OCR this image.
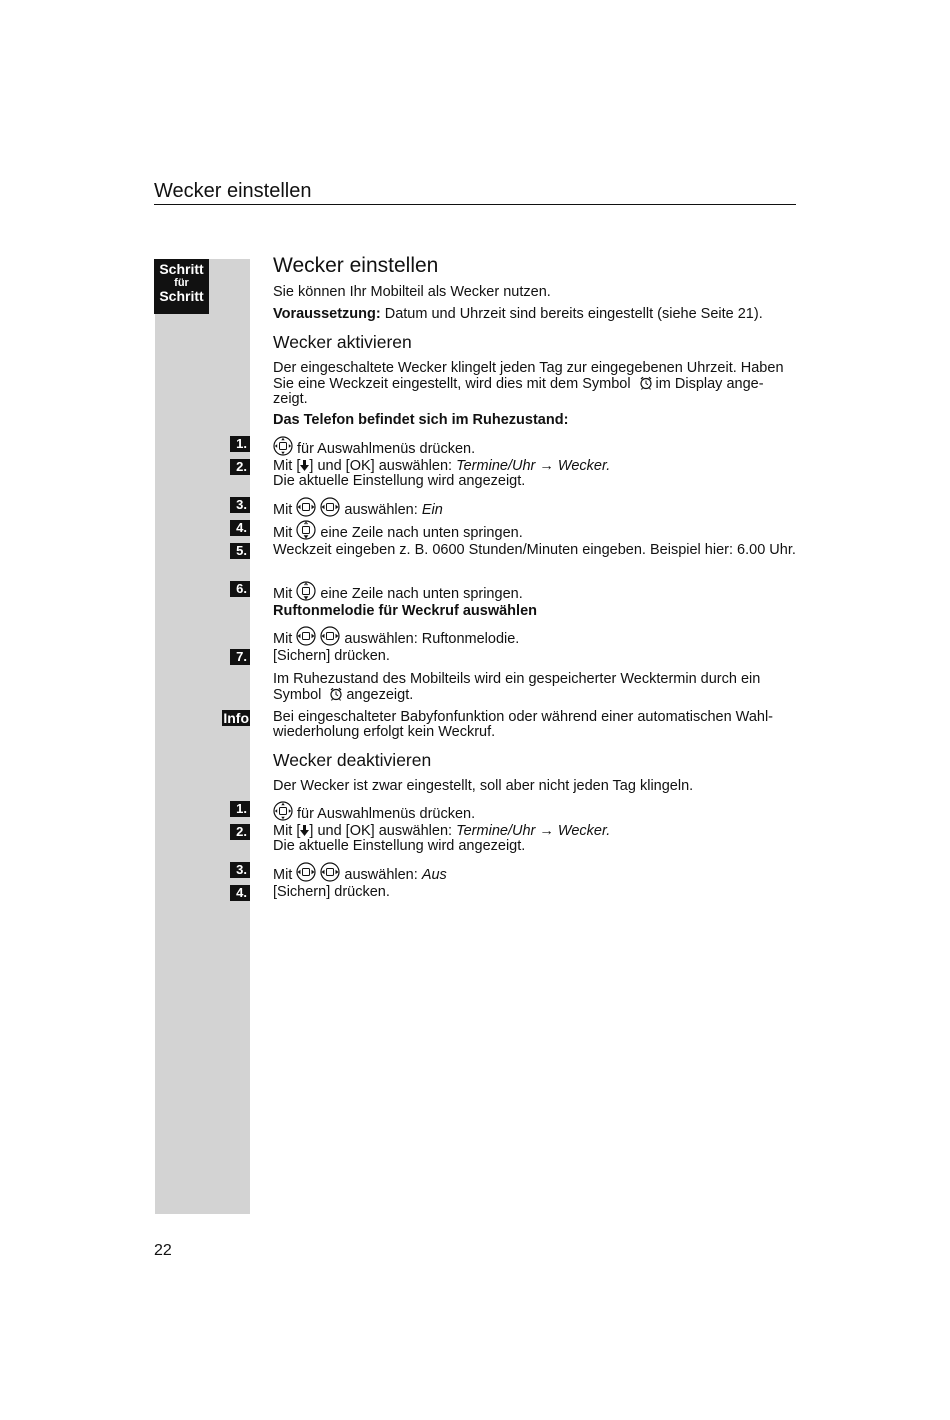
Wecker einstellen
Schritt
für
Schritt
Wecker einstellen
Sie können Ihr Mobilteil als Wecker nutzen.
Voraussetzung: Datum und Uhrzeit sind bereits eingestellt (siehe Seite 21).
Wecker aktivieren
Der eingeschaltete Wecker klingelt jeden Tag zur eingegebenen Uhrzeit. Haben Sie eine Weckzeit eingestellt, wird dies mit dem Symbol im Display ange-zeigt.
Das Telefon befindet sich im Ruhezustand:
1.	für Auswahlmenüs drücken.
2. Mit [ ] und [OK] auswählen: Termine/Uhr → Wecker.
Die aktuelle Einstellung wird angezeigt.
3. Mit	auswählen: Ein
4. Mit  eine Zeile nach unten springen.
5. Weckzeit eingeben z. B. 0600 Stunden/Minuten eingeben. Beispiel hier: 6.00 Uhr.
6. Mit  eine Zeile nach unten springen.
Ruftonmelodie für Weckruf auswählen
Mit	auswählen: Ruftonmelodie.
7. [Sichern] drücken.
Im Ruhezustand des Mobilteils wird ein gespeicherter Wecktermin durch ein Symbol angezeigt.
Info Bei eingeschalteter Babyfonfunktion oder während einer automatischen Wahl-wiederholung erfolgt kein Weckruf.
Wecker deaktivieren
Der Wecker ist zwar eingestellt, soll aber nicht jeden Tag klingeln.
1.	für Auswahlmenüs drücken.
2. Mit [ ] und [OK] auswählen: Termine/Uhr → Wecker.
Die aktuelle Einstellung wird angezeigt.
3. Mit	auswählen: Aus
4. [Sichern] drücken.
22
